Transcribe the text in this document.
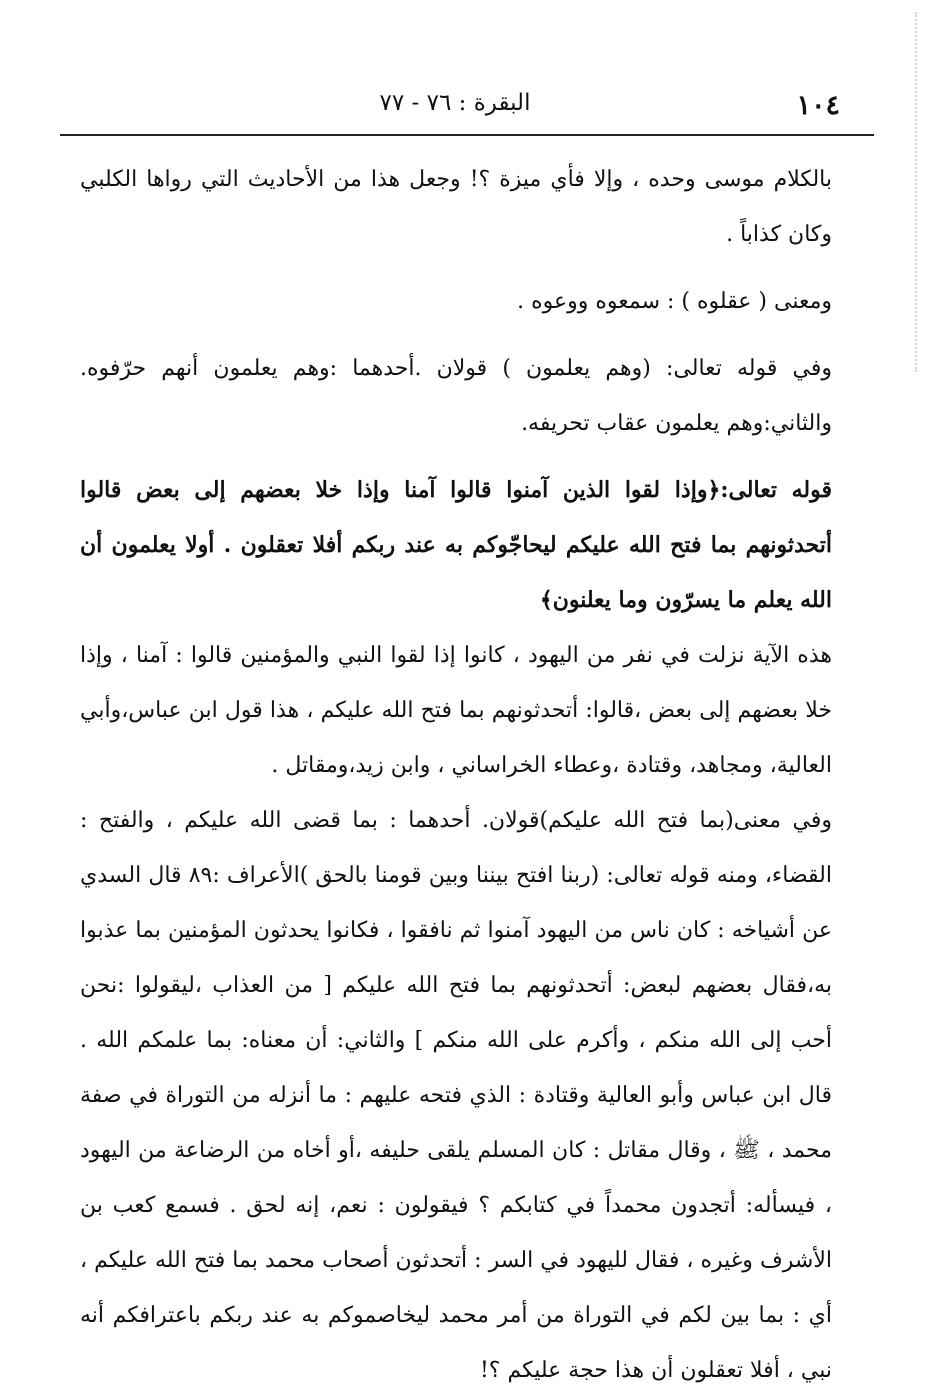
١٠٤
البقرة : ٧٦ - ٧٧

بالكلام موسى وحده ، وإلا فأي ميزة ؟! وجعل هذا من الأحاديث التي رواها الكلبي وكان كذاباً .

ومعنى ( عقلوه ) : سمعوه ووعوه .

وفي قوله تعالى: (وهم يعلمون ) قولان .أحدهما :وهم يعلمون أنهم حرّفوه. والثاني:وهم يعلمون عقاب تحريفه.

قوله تعالى:﴿وإذا لقوا الذين آمنوا قالوا آمنا وإذا خلا بعضهم إلى بعض قالوا أتحدثونهم بما فتح الله عليكم ليحاجّوكم به عند ربكم أفلا تعقلون . أولا يعلمون أن الله يعلم ما يسرّون وما يعلنون﴾

هذه الآية نزلت في نفر من اليهود ، كانوا إذا لقوا النبي والمؤمنين قالوا : آمنا ، وإذا خلا بعضهم إلى بعض ،قالوا: أتحدثونهم بما فتح الله عليكم ، هذا قول ابن عباس،وأبي العالية، ومجاهد، وقتادة ،وعطاء الخراساني ، وابن زيد،ومقاتل .

وفي معنى(بما فتح الله عليكم)قولان. أحدهما : بما قضى الله عليكم ، والفتح : القضاء، ومنه قوله تعالى: (ربنا افتح بيننا وبين قومنا بالحق )الأعراف :٨٩ قال السدي عن أشياخه : كان ناس من اليهود آمنوا ثم نافقوا ، فكانوا يحدثون المؤمنين بما عذبوا به،فقال بعضهم لبعض: أتحدثونهم بما فتح الله عليكم [ من العذاب ،ليقولوا :نحن أحب إلى الله منكم ، وأكرم على الله منكم ] والثاني: أن معناه: بما علمكم الله . قال ابن عباس وأبو العالية وقتادة : الذي فتحه عليهم : ما أنزله من التوراة في صفة محمد ، ﷺ ، وقال مقاتل : كان المسلم يلقى حليفه ،أو أخاه من الرضاعة من اليهود ، فيسأله: أتجدون محمداً في كتابكم ؟ فيقولون : نعم، إنه لحق . فسمع كعب بن الأشرف وغيره ، فقال لليهود في السر : أتحدثون أصحاب محمد بما فتح الله عليكم ، أي : بما بين لكم في التوراة من أمر محمد ليخاصموكم به عند ربكم باعترافكم أنه نبي ، أفلا تعقلون أن هذا حجة عليكم ؟!
